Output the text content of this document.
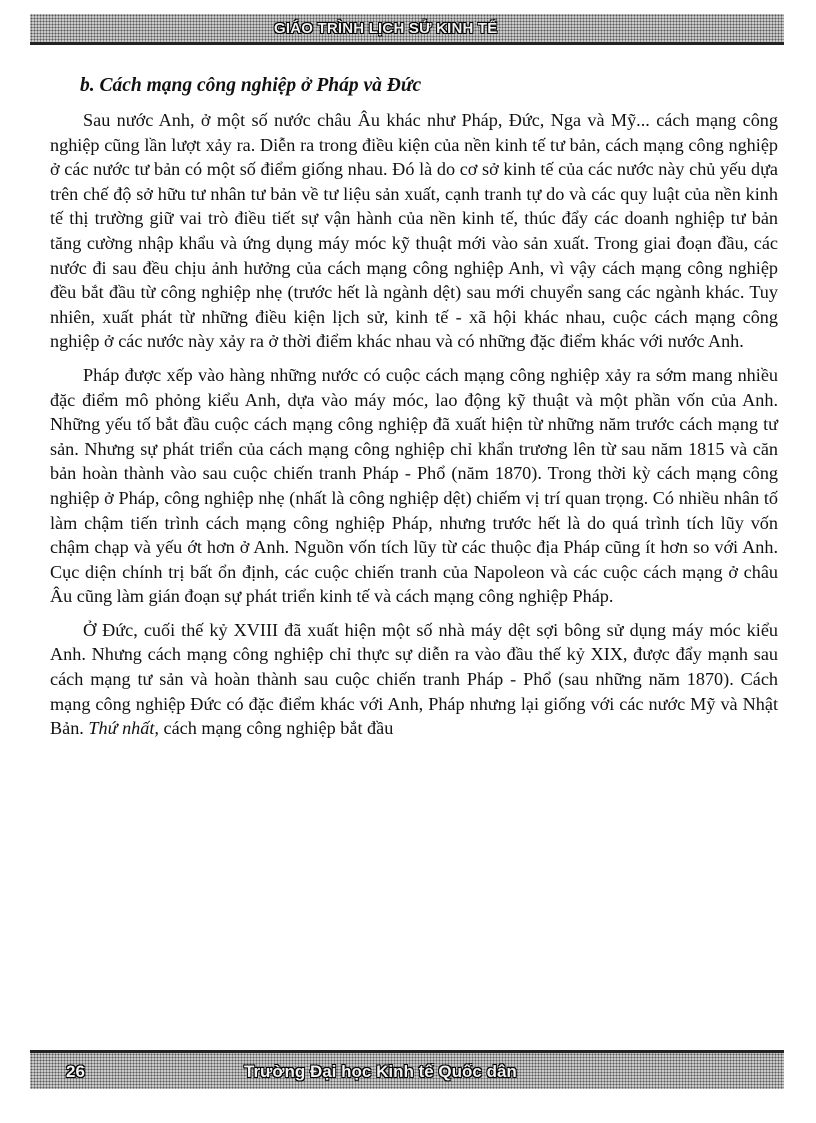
GIÁO TRÌNH LỊCH SỬ KINH TẾ
b. Cách mạng công nghiệp ở Pháp và Đức

Sau nước Anh, ở một số nước châu Âu khác như Pháp, Đức, Nga và Mỹ... cách mạng công nghiệp cũng lần lượt xảy ra. Diễn ra trong điều kiện của nền kinh tế tư bản, cách mạng công nghiệp ở các nước tư bản có một số điểm giống nhau. Đó là do cơ sở kinh tế của các nước này chủ yếu dựa trên chế độ sở hữu tư nhân tư bản về tư liệu sản xuất, cạnh tranh tự do và các quy luật của nền kinh tế thị trường giữ vai trò điều tiết sự vận hành của nền kinh tế, thúc đẩy các doanh nghiệp tư bản tăng cường nhập khẩu và ứng dụng máy móc kỹ thuật mới vào sản xuất. Trong giai đoạn đầu, các nước đi sau đều chịu ảnh hưởng của cách mạng công nghiệp Anh, vì vậy cách mạng công nghiệp đều bắt đầu từ công nghiệp nhẹ (trước hết là ngành dệt) sau mới chuyển sang các ngành khác. Tuy nhiên, xuất phát từ những điều kiện lịch sử, kinh tế - xã hội khác nhau, cuộc cách mạng công nghiệp ở các nước này xảy ra ở thời điểm khác nhau và có những đặc điểm khác với nước Anh.

Pháp được xếp vào hàng những nước có cuộc cách mạng công nghiệp xảy ra sớm mang nhiều đặc điểm mô phỏng kiểu Anh, dựa vào máy móc, lao động kỹ thuật và một phần vốn của Anh. Những yếu tố bắt đầu cuộc cách mạng công nghiệp đã xuất hiện từ những năm trước cách mạng tư sản. Nhưng sự phát triển của cách mạng công nghiệp chỉ khẩn trương lên từ sau năm 1815 và căn bản hoàn thành vào sau cuộc chiến tranh Pháp - Phổ (năm 1870). Trong thời kỳ cách mạng công nghiệp ở Pháp, công nghiệp nhẹ (nhất là công nghiệp dệt) chiếm vị trí quan trọng. Có nhiều nhân tố làm chậm tiến trình cách mạng công nghiệp Pháp, nhưng trước hết là do quá trình tích lũy vốn chậm chạp và yếu ớt hơn ở Anh. Nguồn vốn tích lũy từ các thuộc địa Pháp cũng ít hơn so với Anh. Cục diện chính trị bất ổn định, các cuộc chiến tranh của Napoleon và các cuộc cách mạng ở châu Âu cũng làm gián đoạn sự phát triển kinh tế và cách mạng công nghiệp Pháp.

Ở Đức, cuối thế kỷ XVIII đã xuất hiện một số nhà máy dệt sợi bông sử dụng máy móc kiểu Anh. Nhưng cách mạng công nghiệp chỉ thực sự diễn ra vào đầu thế kỷ XIX, được đẩy mạnh sau cách mạng tư sản và hoàn thành sau cuộc chiến tranh Pháp - Phổ (sau những năm 1870). Cách mạng công nghiệp Đức có đặc điểm khác với Anh, Pháp nhưng lại giống với các nước Mỹ và Nhật Bản. Thứ nhất, cách mạng công nghiệp bắt đầu

26	Trường Đại học Kinh tế Quốc dân
